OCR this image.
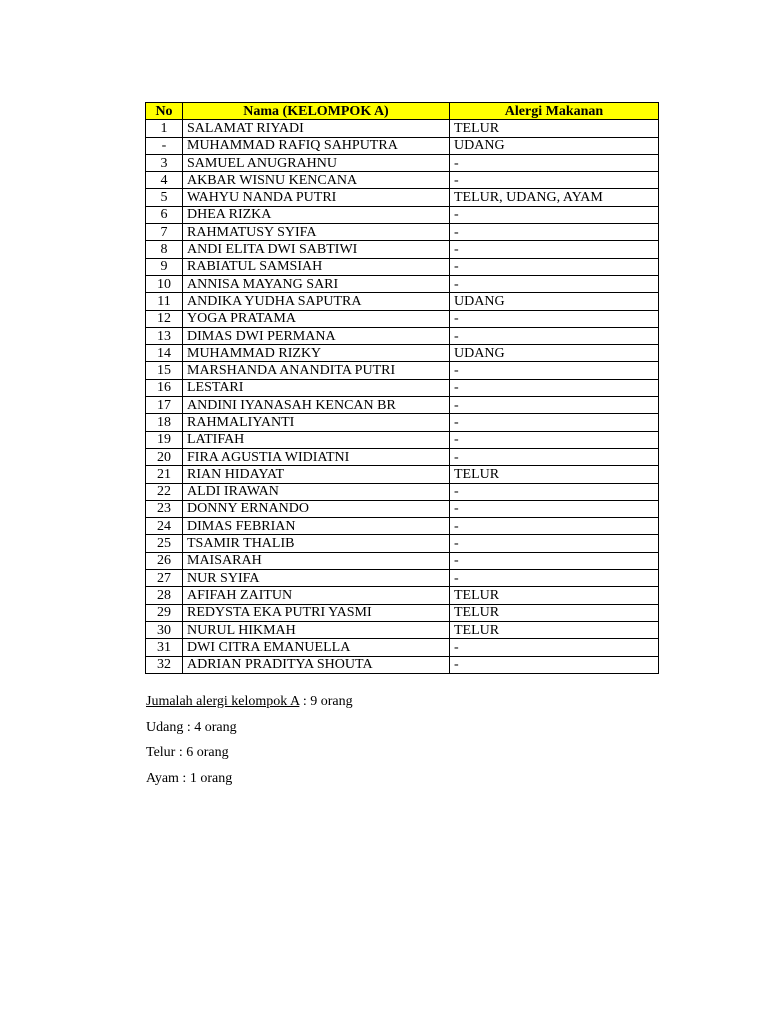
No	Nama (KELOMPOK A)	Alergi Makanan
1	SALAMAT RIYADI	TELUR
-	MUHAMMAD RAFIQ SAHPUTRA	UDANG
3	SAMUEL ANUGRAHNU	-
4	AKBAR WISNU KENCANA	-
5	WAHYU NANDA PUTRI	TELUR, UDANG, AYAM
6	DHEA RIZKA	-
7	RAHMATUSY SYIFA	-
8	ANDI ELITA DWI SABTIWI	-
9	RABIATUL SAMSIAH	-
10	ANNISA MAYANG SARI	-
11	ANDIKA YUDHA SAPUTRA	UDANG
12	YOGA PRATAMA	-
13	DIMAS DWI PERMANA	-
14	MUHAMMAD RIZKY	UDANG
15	MARSHANDA ANANDITA PUTRI	-
16	LESTARI	-
17	ANDINI IYANASAH KENCAN BR	-
18	RAHMALIYANTI	-
19	LATIFAH	-
20	FIRA AGUSTIA WIDIATNI	-
21	RIAN HIDAYAT	TELUR
22	ALDI IRAWAN	-
23	DONNY ERNANDO	-
24	DIMAS FEBRIAN	-
25	TSAMIR THALIB	-
26	MAISARAH	-
27	NUR SYIFA	-
28	AFIFAH ZAITUN	TELUR
29	REDYSTA EKA PUTRI YASMI	TELUR
30	NURUL HIKMAH	TELUR
31	DWI CITRA EMANUELLA	-
32	ADRIAN PRADITYA SHOUTA	-

Jumalah alergi kelompok A : 9 orang

Udang : 4 orang

Telur : 6 orang

Ayam : 1 orang
